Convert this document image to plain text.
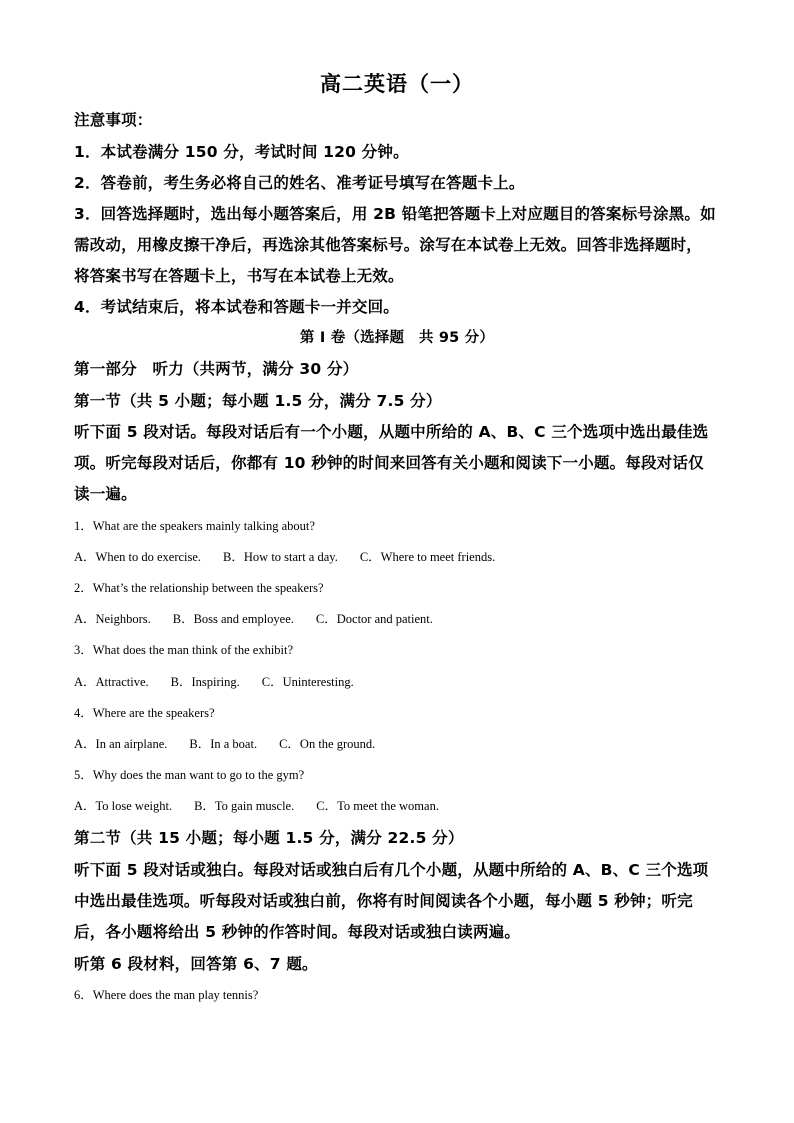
高二英语（一）
注意事项：
1．本试卷满分 150 分，考试时间 120 分钟。
2．答卷前，考生务必将自己的姓名、准考证号填写在答题卡上。
3．回答选择题时，选出每小题答案后，用 2B 铅笔把答题卡上对应题目的答案标号涂黑。如
需改动，用橡皮擦干净后，再选涂其他答案标号。涂写在本试卷上无效。回答非选择题时，
将答案书写在答题卡上，书写在本试卷上无效。
4．考试结束后，将本试卷和答题卡一并交回。
第 I 卷（选择题　共 95 分）
第一部分　听力（共两节，满分 30 分）
第一节（共 5 小题；每小题 1.5 分，满分 7.5 分）
听下面 5 段对话。每段对话后有一个小题，从题中所给的 A、B、C 三个选项中选出最佳选
项。听完每段对话后，你都有 10 秒钟的时间来回答有关小题和阅读下一小题。每段对话仅
读一遍。
1．What are the speakers mainly talking about?
A．When to do exercise. B．How to start a day. C．Where to meet friends.
2．What’s the relationship between the speakers?
A．Neighbors. B．Boss and employee. C．Doctor and patient.
3．What does the man think of the exhibit?
A．Attractive. B．Inspiring. C．Uninteresting.
4．Where are the speakers?
A．In an airplane. B．In a boat. C．On the ground.
5．Why does the man want to go to the gym?
A．To lose weight. B．To gain muscle. C．To meet the woman.
第二节（共 15 小题；每小题 1.5 分，满分 22.5 分）
听下面 5 段对话或独白。每段对话或独白后有几个小题，从题中所给的 A、B、C 三个选项
中选出最佳选项。听每段对话或独白前，你将有时间阅读各个小题，每小题 5 秒钟；听完
后，各小题将给出 5 秒钟的作答时间。每段对话或独白读两遍。
听第 6 段材料，回答第 6、7 题。
6．Where does the man play tennis?
